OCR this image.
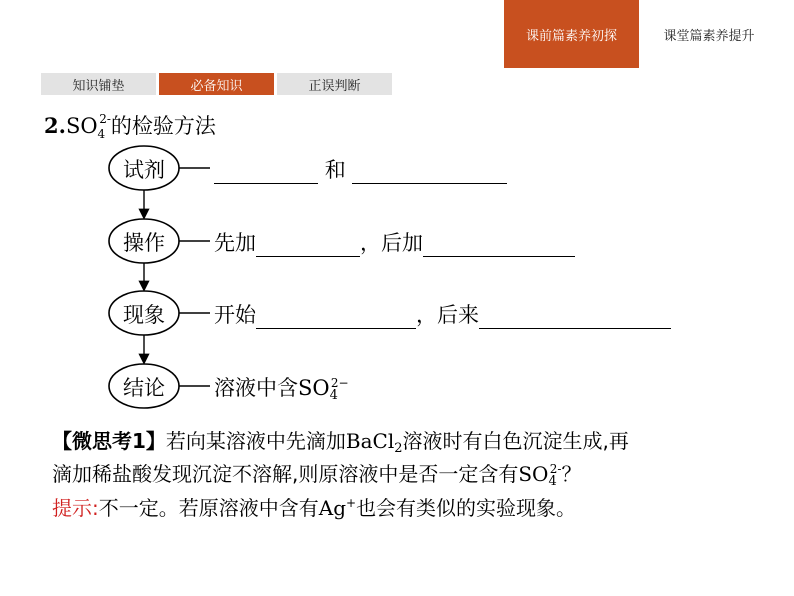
课前篇素养初探	课堂篇素养提升
知识铺垫	必备知识	正误判断
$2.SO_4^{2-}$的检验方法
试剂
操作
现象
结论
和
先加	，后加
开始	，后来
溶液中含$SO4^{2-}$
【微思考1】若向某溶液中先滴加BaCl$_2$溶液时有白色沉淀生成,再
滴加稀盐酸发现沉淀不溶解,则原溶液中是否一定含有$SO_4^{2-}$？
提示:不一定。若原溶液中含有Ag+也会有类似的实验现象。
